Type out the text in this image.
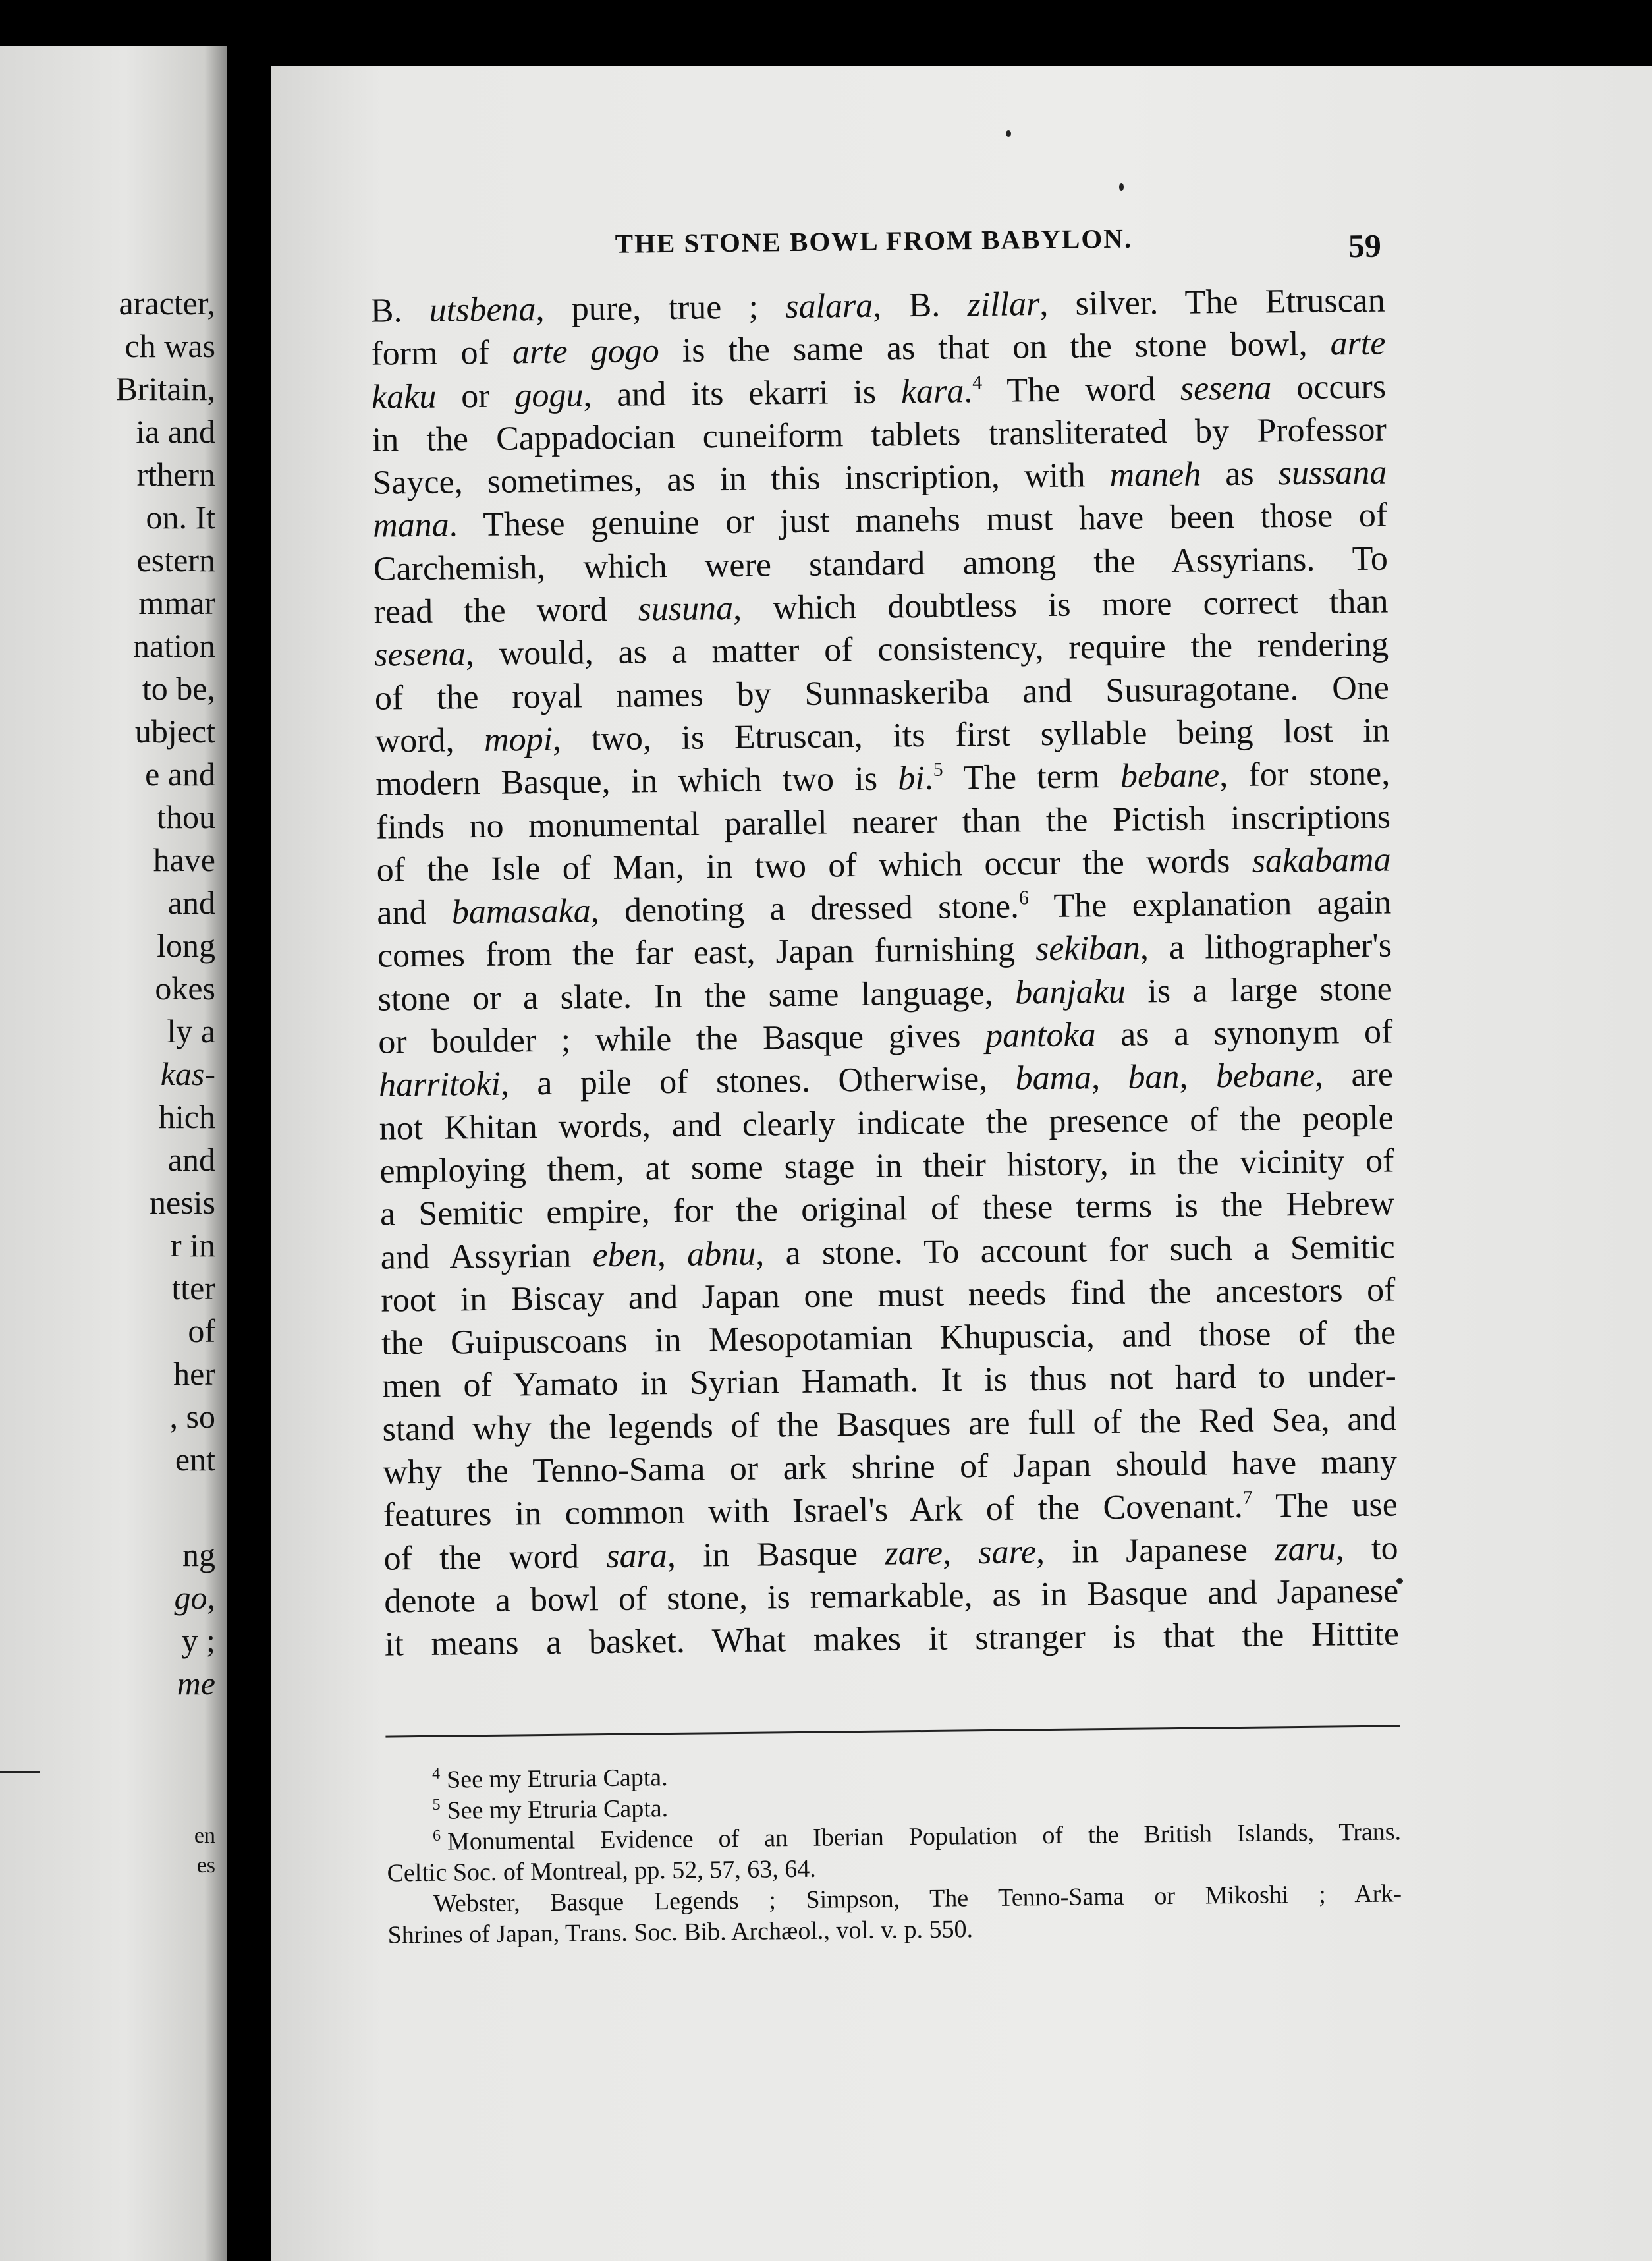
aracter,
ch was
Britain,
ia and
rthern
on. It
estern
mmar
nation
to be,
ubject
e and
thou
have
and
long
okes
ly a
kas-
hich
and
nesis
r in
tter
of
her
, so
ent
ng
go,
y ;
me
en
es
THE STONE BOWL FROM BABYLON.	59
B. utsbena, pure, true ; salara, B. zillar, silver. The Etruscan
form of arte gogo is the same as that on the stone bowl, arte
kaku or gogu, and its ekarri is kara.$^4$ The word sesena occurs
in the Cappadocian cuneiform tablets transliterated by Professor
Sayce, sometimes, as in this inscription, with maneh as sussana
mana. These genuine or just manehs must have been those of
Carchemish, which were standard among the Assyrians. To
read the word susuna, which doubtless is more correct than
sesena, would, as a matter of consistency, require the rendering
of the royal names by Sunnaskeriba and Susuragotane. One
word, mopi, two, is Etruscan, its first syllable being lost in
modern Basque, in which two is bi.$^5$ The term bebane, for stone,
finds no monumental parallel nearer than the Pictish inscriptions
of the Isle of Man, in two of which occur the words sakabama
and bamasaka, denoting a dressed stone.$^6$ The explanation again
comes from the far east, Japan furnishing sekiban, a lithographer's
stone or a slate. In the same language, banjaku is a large stone
or boulder ; while the Basque gives pantoka as a synonym of
harritoki, a pile of stones. Otherwise, bama, ban, bebane, are
not Khitan words, and clearly indicate the presence of the people
employing them, at some stage in their history, in the vicinity of
a Semitic empire, for the original of these terms is the Hebrew
and Assyrian eben, abnu, a stone. To account for such a Semitic
root in Biscay and Japan one must needs find the ancestors of
the Guipuscoans in Mesopotamian Khupuscia, and those of the
men of Yamato in Syrian Hamath. It is thus not hard to under-
stand why the legends of the Basques are full of the Red Sea, and
why the Tenno-Sama or ark shrine of Japan should have many
features in common with Israel's Ark of the Covenant.$^7$ The use
of the word sara, in Basque zare, sare, in Japanese zaru, to
denote a bowl of stone, is remarkable, as in Basque and Japanese
it means a basket. What makes it stranger is that the Hittite
$^4$ See my Etruria Capta.
$^5$ See my Etruria Capta.
$^6$ Monumental Evidence of an Iberian Population of the British Islands, Trans.
Celtic Soc. of Montreal, pp. 52, 57, 63, 64.
Webster, Basque Legends ; Simpson, The Tenno-Sama or Mikoshi ; Ark-
Shrines of Japan, Trans. Soc. Bib. Archæol., vol. v. p. 550.
